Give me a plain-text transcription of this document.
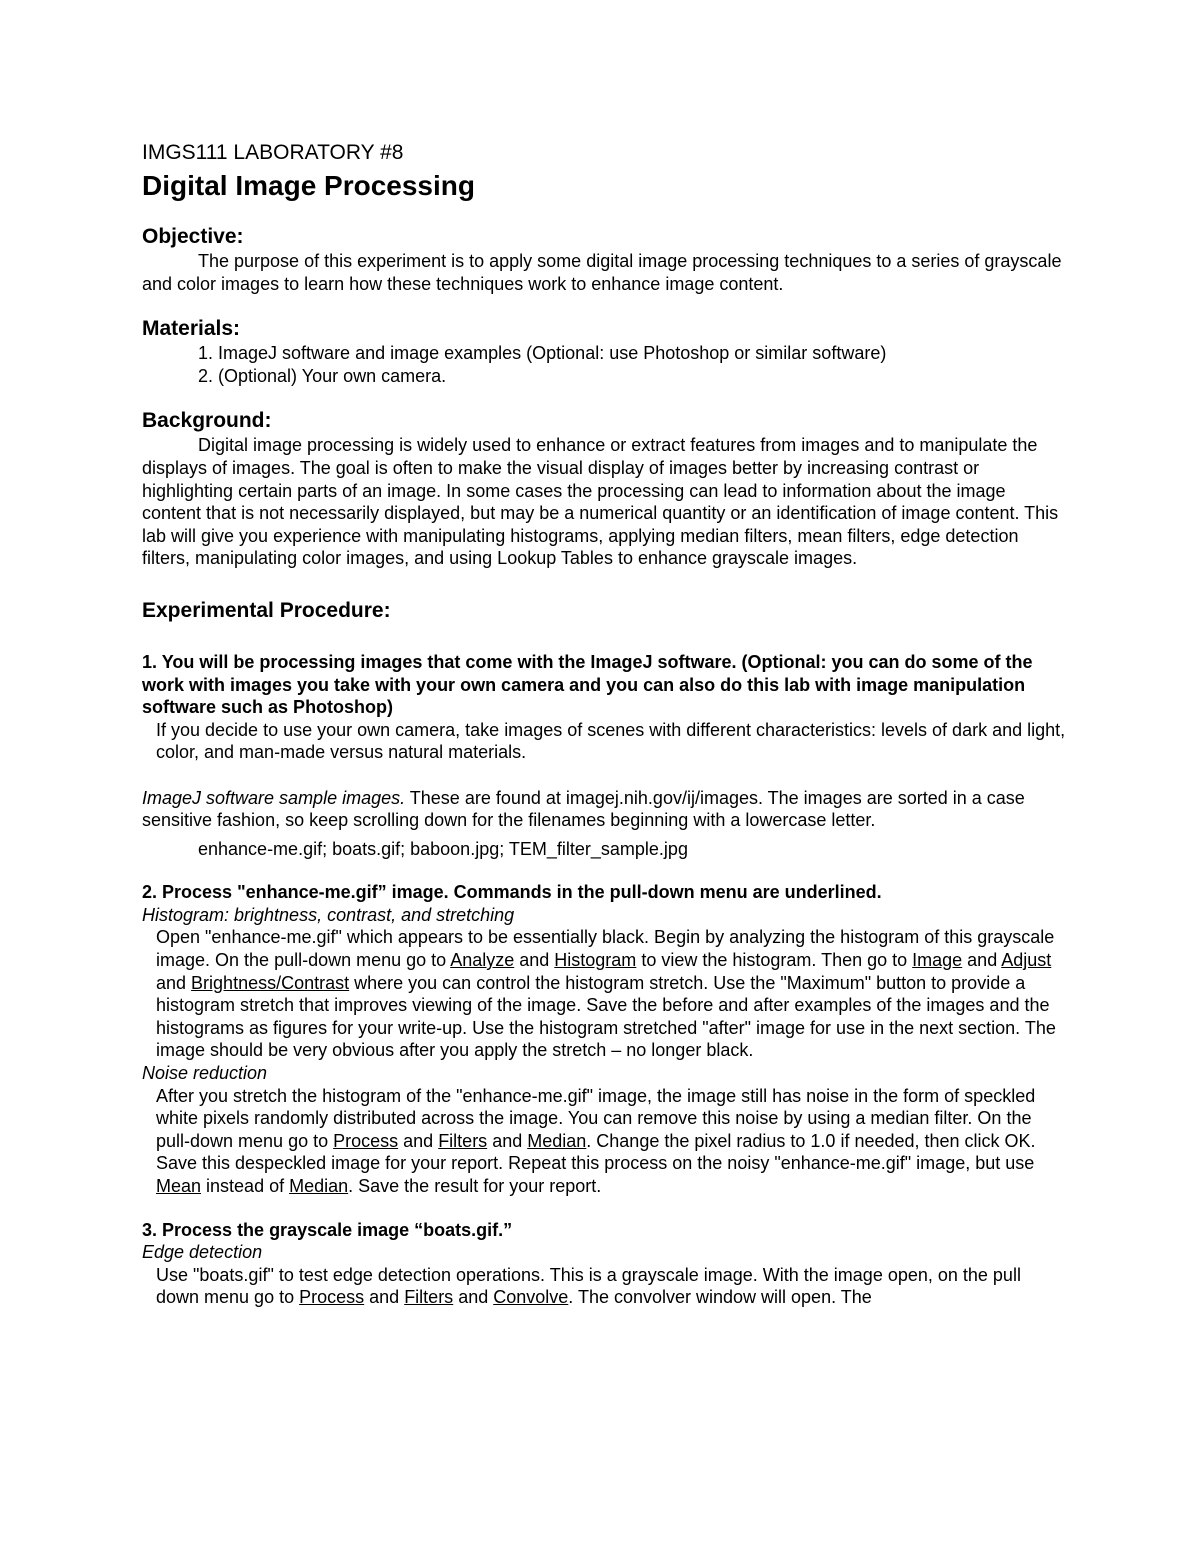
IMGS111 LABORATORY #8
Digital Image Processing
Objective:

The purpose of this experiment is to apply some digital image processing techniques to a series of grayscale and color images to learn how these techniques work to enhance image content.

Materials:
1. ImageJ software and image examples (Optional: use Photoshop or similar software)
2. (Optional) Your own camera.
Background:

Digital image processing is widely used to enhance or extract features from images and to manipulate the displays of images. The goal is often to make the visual display of images better by increasing contrast or highlighting certain parts of an image. In some cases the processing can lead to information about the image content that is not necessarily displayed, but may be a numerical quantity or an identification of image content. This lab will give you experience with manipulating histograms, applying median filters, mean filters, edge detection filters, manipulating color images, and using Lookup Tables to enhance grayscale images.

Experimental Procedure:
1. You will be processing images that come with the ImageJ software. (Optional: you can do some of the work with images you take with your own camera and you can also do this lab with image manipulation software such as Photoshop)

If you decide to use your own camera, take images of scenes with different characteristics: levels of dark and light, color, and man-made versus natural materials.

ImageJ software sample images. These are found at imagej.nih.gov/ij/images. The images are sorted in a case sensitive fashion, so keep scrolling down for the filenames beginning with a lowercase letter.

enhance-me.gif; boats.gif; baboon.jpg; TEM_filter_sample.jpg
2. Process "enhance-me.gif” image. Commands in the pull-down menu are underlined.
Histogram: brightness, contrast, and stretching

Open "enhance-me.gif" which appears to be essentially black. Begin by analyzing the histogram of this grayscale image. On the pull-down menu go to Analyze and Histogram to view the histogram. Then go to Image and Adjust and Brightness/Contrast where you can control the histogram stretch. Use the "Maximum" button to provide a histogram stretch that improves viewing of the image. Save the before and after examples of the images and the histograms as figures for your write-up. Use the histogram stretched "after" image for use in the next section. The image should be very obvious after you apply the stretch – no longer black.

Noise reduction

After you stretch the histogram of the "enhance-me.gif" image, the image still has noise in the form of speckled white pixels randomly distributed across the image. You can remove this noise by using a median filter. On the pull-down menu go to Process and Filters and Median. Change the pixel radius to 1.0 if needed, then click OK. Save this despeckled image for your report. Repeat this process on the noisy "enhance-me.gif" image, but use Mean instead of Median. Save the result for your report.

3. Process the grayscale image “boats.gif.”
Edge detection

Use "boats.gif" to test edge detection operations. This is a grayscale image. With the image open, on the pull down menu go to Process and Filters and Convolve. The convolver window will open. The
